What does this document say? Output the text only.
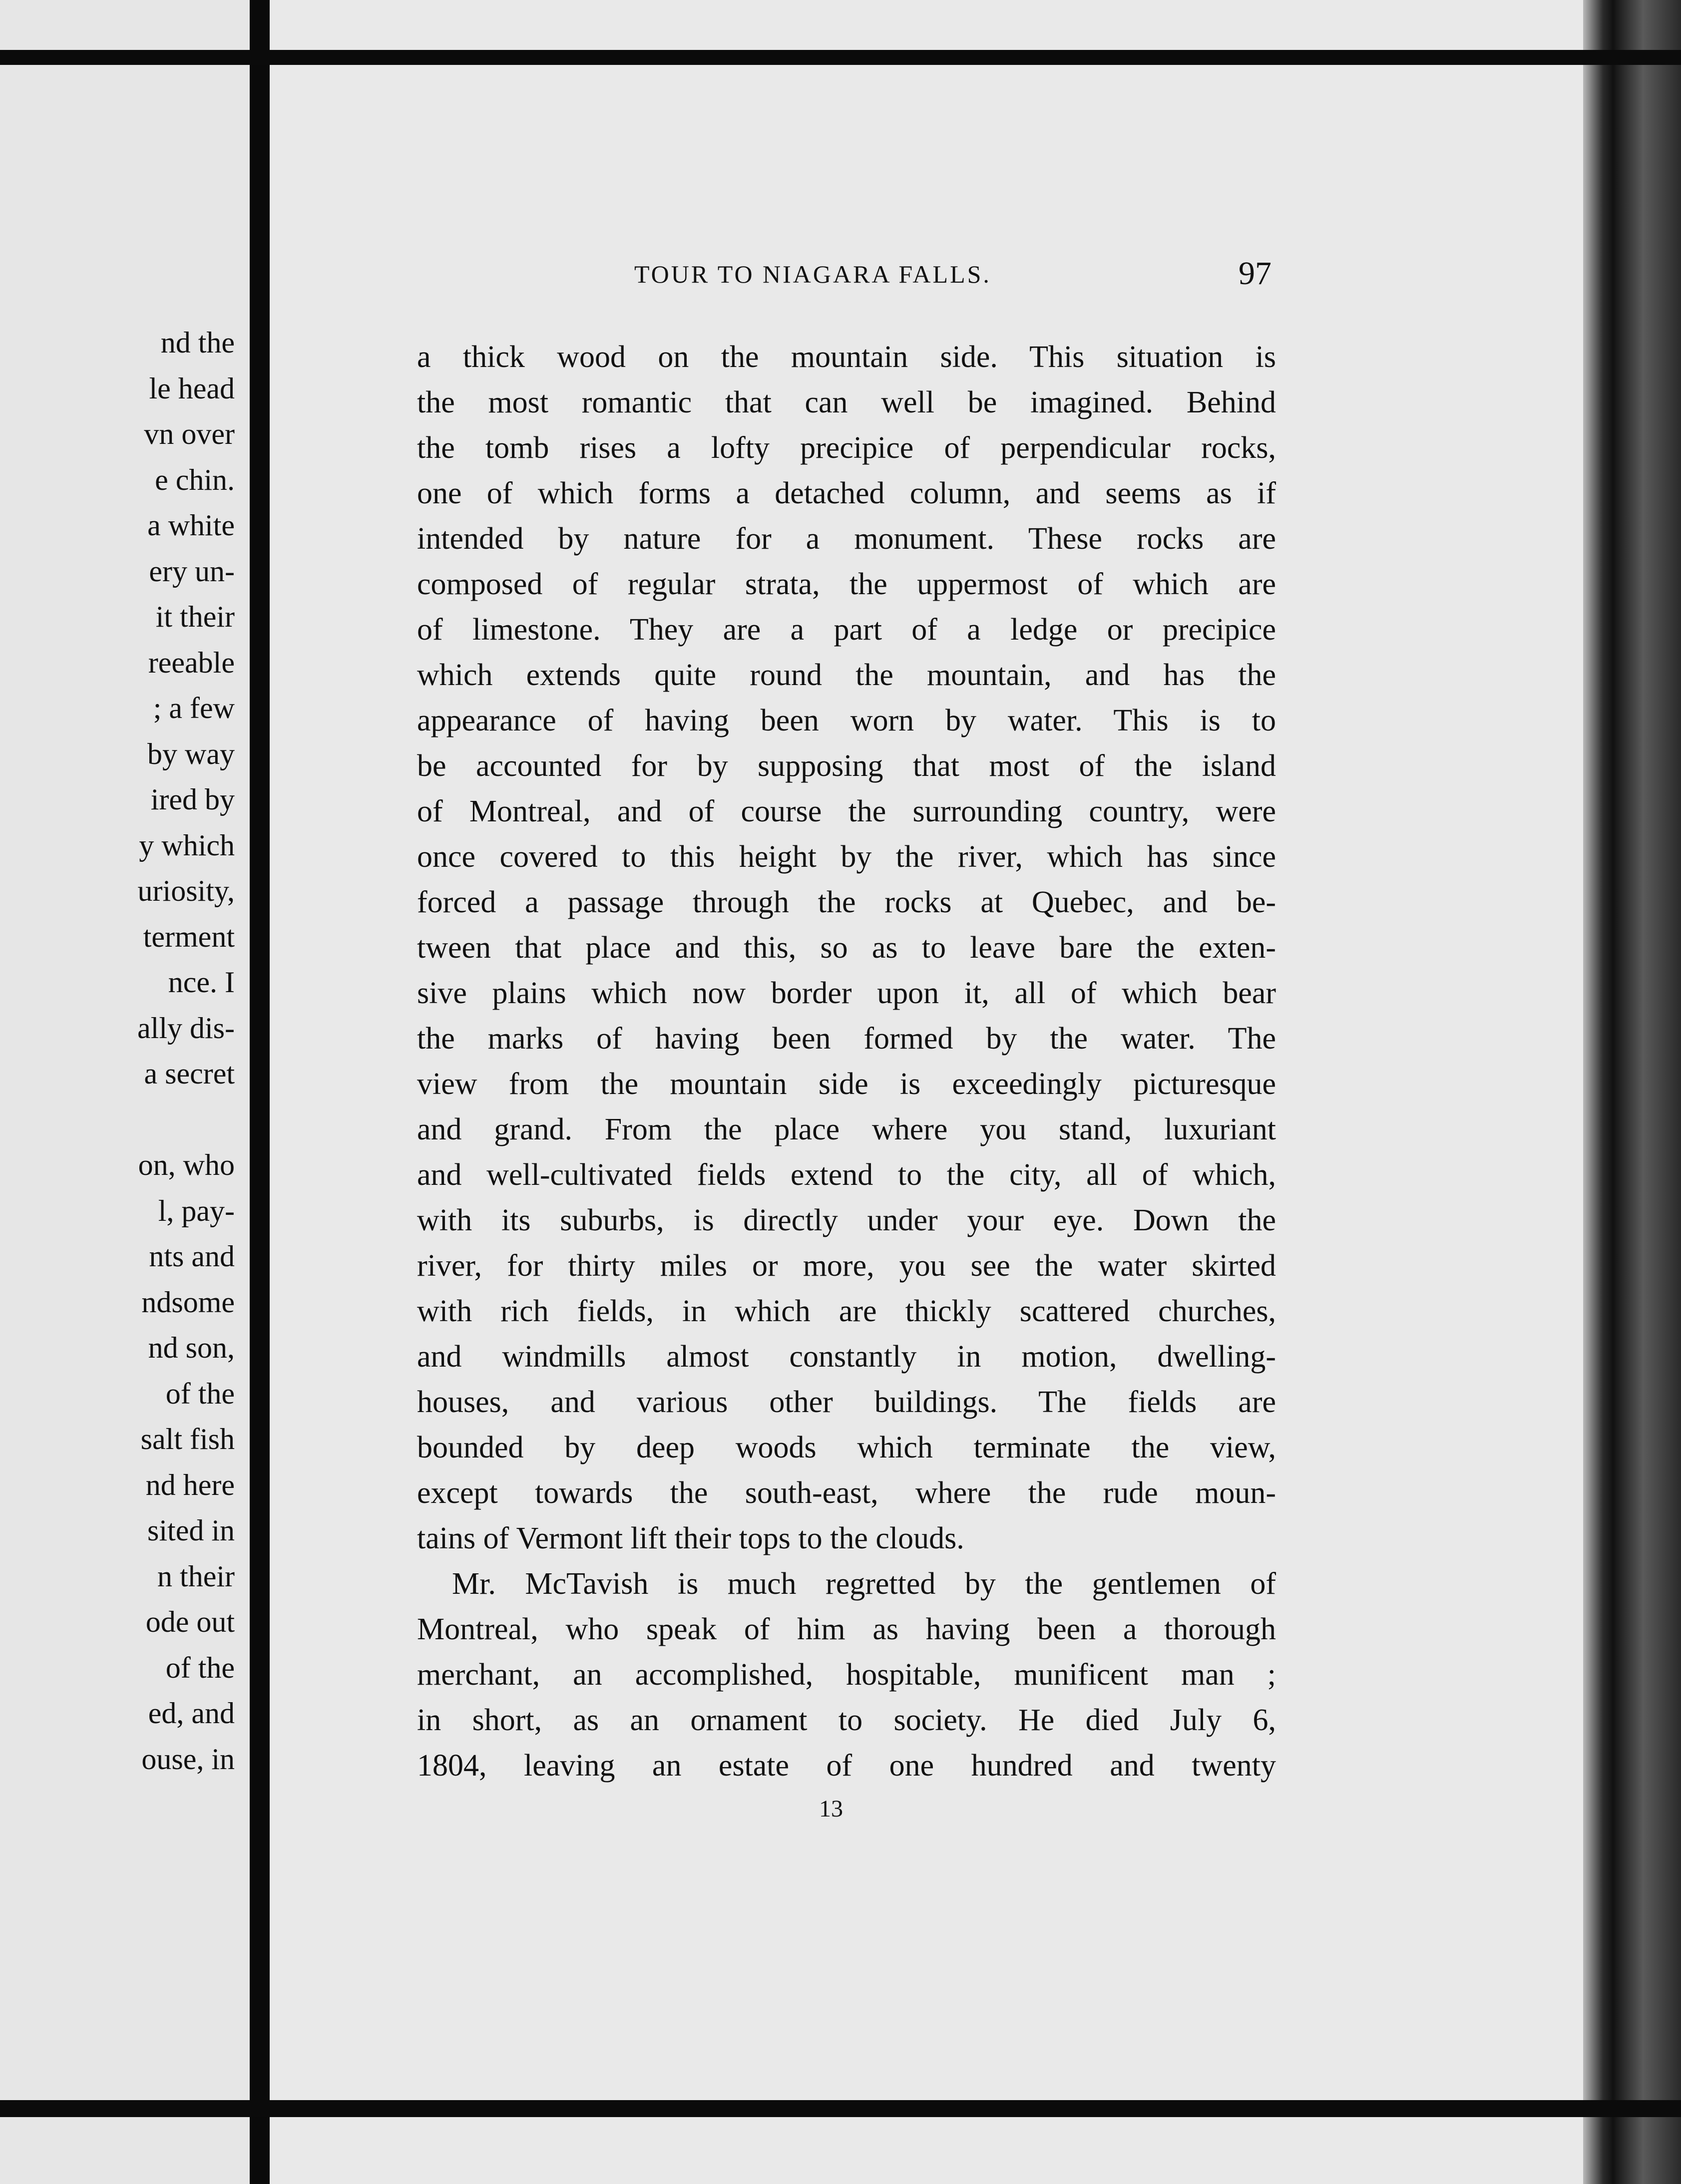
nd the
le head
vn over
e chin.
a white
ery un-
it their
reeable
; a few
by way
ired by
y which
uriosity,
terment
nce. I
ally dis-
a secret
on, who
l, pay-
nts and
ndsome
nd son,
of the
salt fish
nd here
sited in
n their
ode out
of the
ed, and
ouse, in
TOUR TO NIAGARA FALLS.	97
a thick wood on the mountain side. This situation is
the most romantic that can well be imagined. Behind
the tomb rises a lofty precipice of perpendicular rocks,
one of which forms a detached column, and seems as if
intended by nature for a monument. These rocks are
composed of regular strata, the uppermost of which are
of limestone. They are a part of a ledge or precipice
which extends quite round the mountain, and has the
appearance of having been worn by water. This is to
be accounted for by supposing that most of the island
of Montreal, and of course the surrounding country, were
once covered to this height by the river, which has since
forced a passage through the rocks at Quebec, and be-
tween that place and this, so as to leave bare the exten-
sive plains which now border upon it, all of which bear
the marks of having been formed by the water. The
view from the mountain side is exceedingly picturesque
and grand. From the place where you stand, luxuriant
and well-cultivated fields extend to the city, all of which,
with its suburbs, is directly under your eye. Down the
river, for thirty miles or more, you see the water skirted
with rich fields, in which are thickly scattered churches,
and windmills almost constantly in motion, dwelling-
houses, and various other buildings. The fields are
bounded by deep woods which terminate the view,
except towards the south-east, where the rude moun-
tains of Vermont lift their tops to the clouds.
Mr. McTavish is much regretted by the gentlemen of
Montreal, who speak of him as having been a thorough
merchant, an accomplished, hospitable, munificent man ;
in short, as an ornament to society. He died July 6,
1804, leaving an estate of one hundred and twenty
13
